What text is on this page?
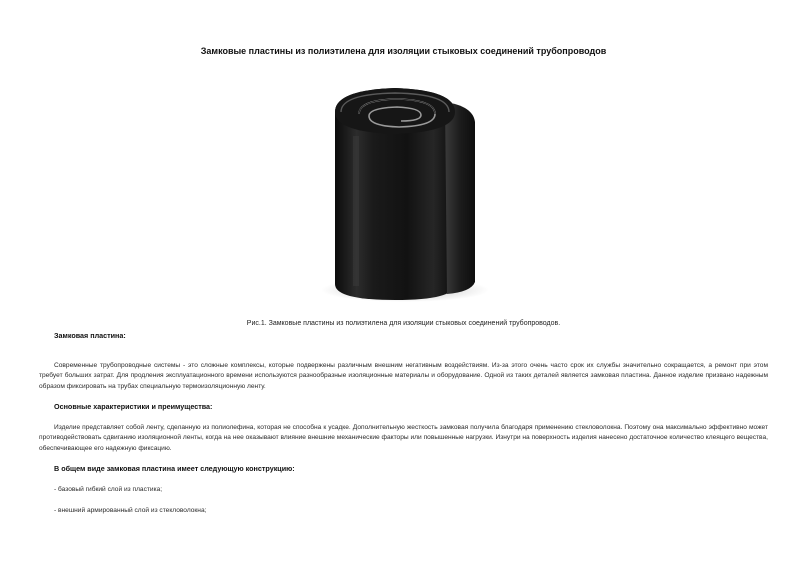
Замковые пластины из полиэтилена для изоляции стыковых соединений трубопроводов
Рис.1. Замковые пластины из полиэтилена для изоляции стыковых соединений трубопроводов.
Замковая пластина:
Современные трубопроводные системы - это сложные комплексы, которые подвержены различным внешним негативным воздействиям. Из-за этого очень часто срок их службы значительно сокращается, а ремонт при этом требует больших затрат. Для продления эксплуатационного времени используются разнообразные изоляционные материалы и оборудование. Одной из таких деталей является замковая пластина. Данное изделие призвано надежным образом фиксировать на трубах специальную термоизоляционную ленту.
Основные характеристики и преимущества:
Изделие представляет собой ленту, сделанную из полиолефина, которая не способна к усадке. Дополнительную жесткость замковая получила благодаря применению стекловолокна. Поэтому она максимально эффективно может противодействовать сдвиганию изоляционной ленты, когда на нее оказывают влияние внешние механические факторы или повышенные нагрузки. Изнутри на поверхность изделия нанесено достаточное количество клеящего вещества, обеспечивающее его надежную фиксацию.
В общем виде замковая пластина имеет следующую конструкцию:
- базовый гибкий слой из пластика;
- внешний армированный слой из стекловолокна;
